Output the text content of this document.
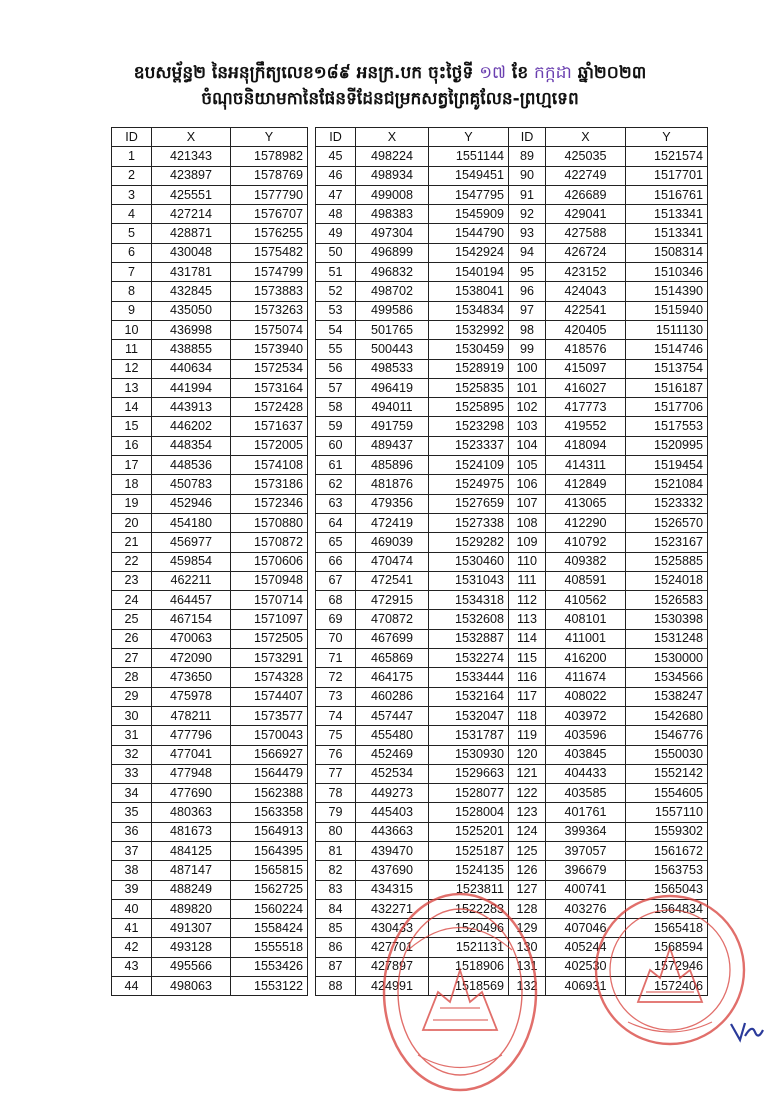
ឧបសម្ព័ន្ធ២ នៃអនុក្រឹត្យលេខ១៨៩ អនក្រ.បក ចុះថ្ងៃទី ១៧ ខែ កក្កដា ឆ្នាំ២០២៣
ចំណុចនិយាមកានៃផែនទីដែនជម្រកសត្វព្រៃគូលែន-ព្រហ្មទេព
ID	X	Y
1	421343	1578982
2	423897	1578769
3	425551	1577790
4	427214	1576707
5	428871	1576255
6	430048	1575482
7	431781	1574799
8	432845	1573883
9	435050	1573263
10	436998	1575074
11	438855	1573940
12	440634	1572534
13	441994	1573164
14	443913	1572428
15	446202	1571637
16	448354	1572005
17	448536	1574108
18	450783	1573186
19	452946	1572346
20	454180	1570880
21	456977	1570872
22	459854	1570606
23	462211	1570948
24	464457	1570714
25	467154	1571097
26	470063	1572505
27	472090	1573291
28	473650	1574328
29	475978	1574407
30	478211	1573577
31	477796	1570043
32	477041	1566927
33	477948	1564479
34	477690	1562388
35	480363	1563358
36	481673	1564913
37	484125	1564395
38	487147	1565815
39	488249	1562725
40	489820	1560224
41	491307	1558424
42	493128	1555518
43	495566	1553426
44	498063	1553122
ID	X	Y
45	498224	1551144
46	498934	1549451
47	499008	1547795
48	498383	1545909
49	497304	1544790
50	496899	1542924
51	496832	1540194
52	498702	1538041
53	499586	1534834
54	501765	1532992
55	500443	1530459
56	498533	1528919
57	496419	1525835
58	494011	1525895
59	491759	1523298
60	489437	1523337
61	485896	1524109
62	481876	1524975
63	479356	1527659
64	472419	1527338
65	469039	1529282
66	470474	1530460
67	472541	1531043
68	472915	1534318
69	470872	1532608
70	467699	1532887
71	465869	1532274
72	464175	1533444
73	460286	1532164
74	457447	1532047
75	455480	1531787
76	452469	1530930
77	452534	1529663
78	449273	1528077
79	445403	1528004
80	443663	1525201
81	439470	1525187
82	437690	1524135
83	434315	1523811
84	432271	1522283
85	430433	1520496
86	427701	1521131
87	427897	1518906
88	424991	1518569
ID	X	Y
89	425035	1521574
90	422749	1517701
91	426689	1516761
92	429041	1513341
93	427588	1513341
94	426724	1508314
95	423152	1510346
96	424043	1514390
97	422541	1515940
98	420405	1511130
99	418576	1514746
100	415097	1513754
101	416027	1516187
102	417773	1517706
103	419552	1517553
104	418094	1520995
105	414311	1519454
106	412849	1521084
107	413065	1523332
108	412290	1526570
109	410792	1523167
110	409382	1525885
111	408591	1524018
112	410562	1526583
113	408101	1530398
114	411001	1531248
115	416200	1530000
116	411674	1534566
117	408022	1538247
118	403972	1542680
119	403596	1546776
120	403845	1550030
121	404433	1552142
122	403585	1554605
123	401761	1557110
124	399364	1559302
125	397057	1561672
126	396679	1563753
127	400741	1565043
128	403276	1564834
129	407046	1565418
130	405244	1568594
131	402530	1572946
132	406931	1572406
